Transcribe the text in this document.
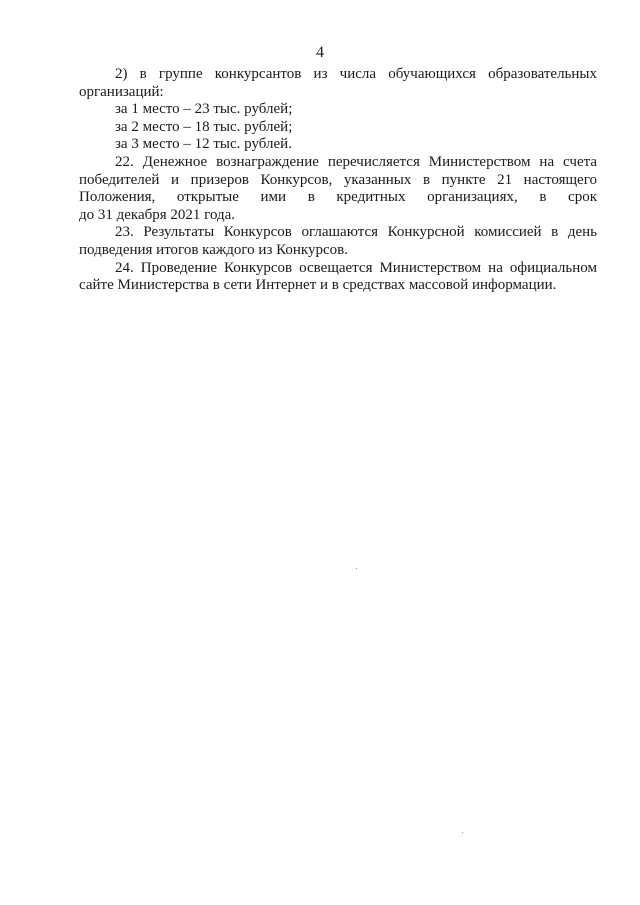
4

2) в группе конкурсантов из числа обучающихся образовательных организаций:

за 1 место – 23 тыс. рублей;

за 2 место – 18 тыс. рублей;

за 3 место – 12 тыс. рублей.

22. Денежное вознаграждение перечисляется Министерством на счета победителей и призеров Конкурсов, указанных в пункте 21 настоящего Положения, открытые ими в кредитных организациях, в срок

до 31 декабря 2021 года.

23. Результаты Конкурсов оглашаются Конкурсной комиссией в день подведения итогов каждого из Конкурсов.

24. Проведение Конкурсов освещается Министерством на официальном сайте Министерства в сети Интернет и в средствах массовой информации.
